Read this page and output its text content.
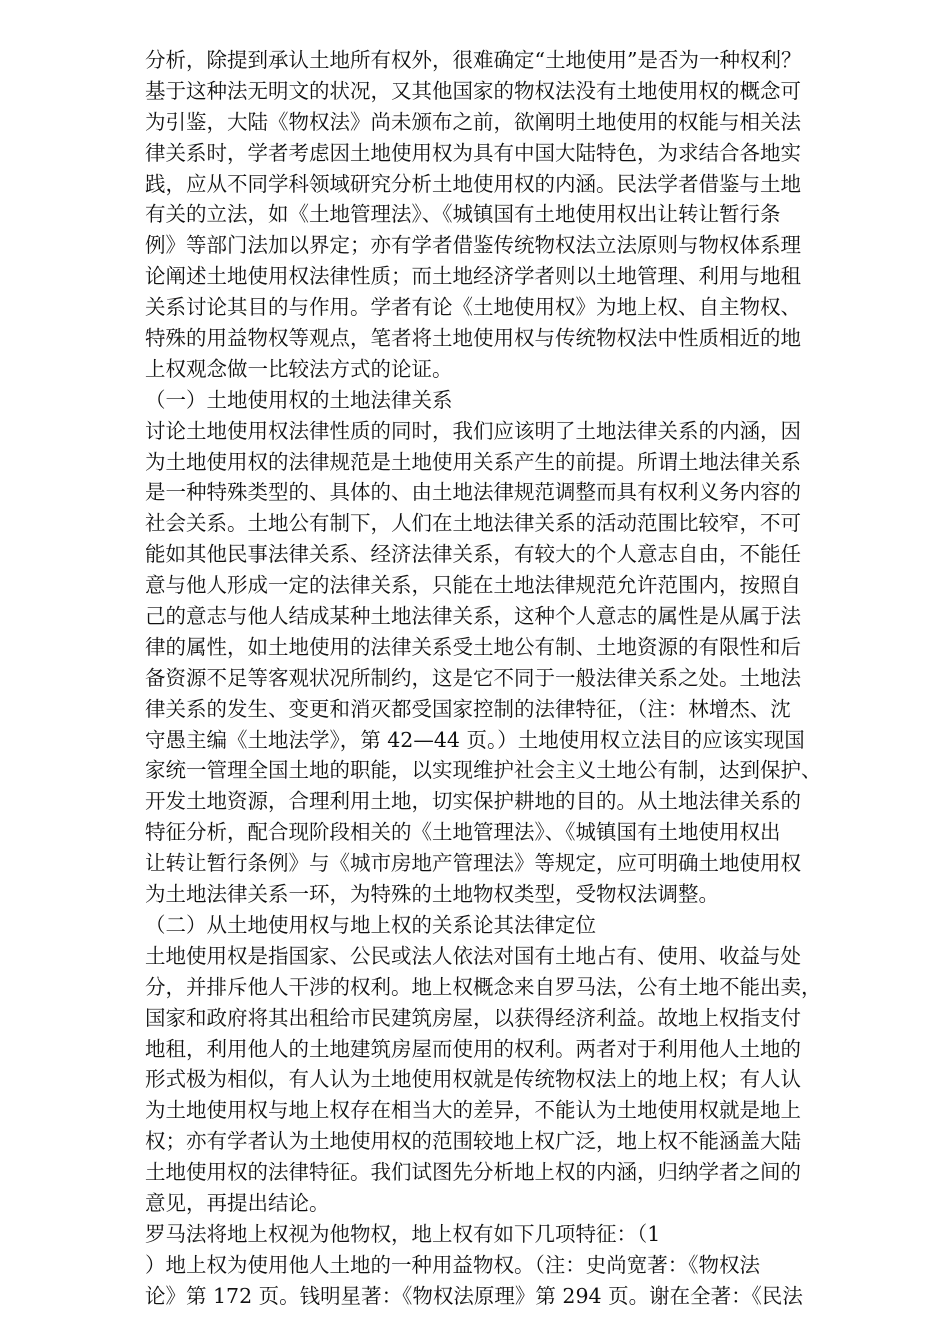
分析，除提到承认土地所有权外，很难确定“土地使用”是否为一种权利？
基于这种法无明文的状况，又其他国家的物权法没有土地使用权的概念可
为引鉴，大陆《物权法》尚未颁布之前，欲阐明土地使用的权能与相关法
律关系时，学者考虑因土地使用权为具有中国大陆特色，为求结合各地实
践，应从不同学科领域研究分析土地使用权的内涵。民法学者借鉴与土地
有关的立法，如《土地管理法》、《城镇国有土地使用权出让转让暂行条
例》等部门法加以界定；亦有学者借鉴传统物权法立法原则与物权体系理
论阐述土地使用权法律性质；而土地经济学者则以土地管理、利用与地租
关系讨论其目的与作用。学者有论《土地使用权》为地上权、自主物权、
特殊的用益物权等观点，笔者将土地使用权与传统物权法中性质相近的地
上权观念做一比较法方式的论证。
（一）土地使用权的土地法律关系
讨论土地使用权法律性质的同时，我们应该明了土地法律关系的内涵，因
为土地使用权的法律规范是土地使用关系产生的前提。所谓土地法律关系
是一种特殊类型的、具体的、由土地法律规范调整而具有权利义务内容的
社会关系。土地公有制下，人们在土地法律关系的活动范围比较窄，不可
能如其他民事法律关系、经济法律关系，有较大的个人意志自由，不能任
意与他人形成一定的法律关系，只能在土地法律规范允许范围内，按照自
己的意志与他人结成某种土地法律关系，这种个人意志的属性是从属于法
律的属性，如土地使用的法律关系受土地公有制、土地资源的有限性和后
备资源不足等客观状况所制约，这是它不同于一般法律关系之处。土地法
律关系的发生、变更和消灭都受国家控制的法律特征，（注：林增杰、沈
守愚主编《土地法学》，第 42—44 页。）土地使用权立法目的应该实现国
家统一管理全国土地的职能，以实现维护社会主义土地公有制，达到保护、
开发土地资源，合理利用土地，切实保护耕地的目的。从土地法律关系的
特征分析，配合现阶段相关的《土地管理法》、《城镇国有土地使用权出
让转让暂行条例》与《城市房地产管理法》等规定，应可明确土地使用权
为土地法律关系一环，为特殊的土地物权类型，受物权法调整。
（二）从土地使用权与地上权的关系论其法律定位
土地使用权是指国家、公民或法人依法对国有土地占有、使用、收益与处
分，并排斥他人干涉的权利。地上权概念来自罗马法，公有土地不能出卖，
国家和政府将其出租给市民建筑房屋，以获得经济利益。故地上权指支付
地租，利用他人的土地建筑房屋而使用的权利。两者对于利用他人土地的
形式极为相似，有人认为土地使用权就是传统物权法上的地上权；有人认
为土地使用权与地上权存在相当大的差异，不能认为土地使用权就是地上
权；亦有学者认为土地使用权的范围较地上权广泛，地上权不能涵盖大陆
土地使用权的法律特征。我们试图先分析地上权的内涵，归纳学者之间的
意见，再提出结论。
罗马法将地上权视为他物权，地上权有如下几项特征：（1
）地上权为使用他人土地的一种用益物权。（注：史尚宽著：《物权法
论》第 172 页。钱明星著：《物权法原理》第 294 页。谢在全著：《民法
